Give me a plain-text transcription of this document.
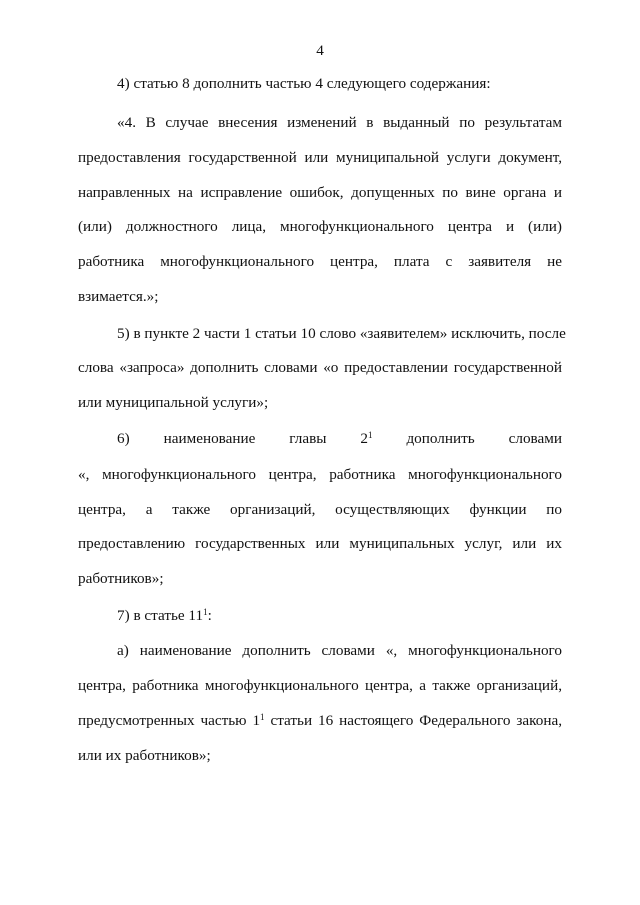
4
4) статью 8 дополнить частью 4 следующего содержания:
«4. В случае внесения изменений в выданный по результатам
предоставления государственной или муниципальной услуги документ,
направленных на исправление ошибок, допущенных по вине органа и
(или) должностного лица, многофункционального центра и (или)
работника многофункционального центра, плата с заявителя не
взимается.»;
5) в пункте 2 части 1 статьи 10 слово «заявителем» исключить, после
слова «запроса» дополнить словами «о предоставлении государственной
или муниципальной услуги»;
6) наименование главы $2^1$ дополнить словами
«, многофункционального центра, работника многофункционального
центра, а также организаций, осуществляющих функции по
предоставлению государственных или муниципальных услуг, или их
работников»;
7) в статье $11^1$:
а) наименование дополнить словами «, многофункционального
центра, работника многофункционального центра, а также организаций,
предусмотренных частью $1^1$ статьи 16 настоящего Федерального закона,
или их работников»;
